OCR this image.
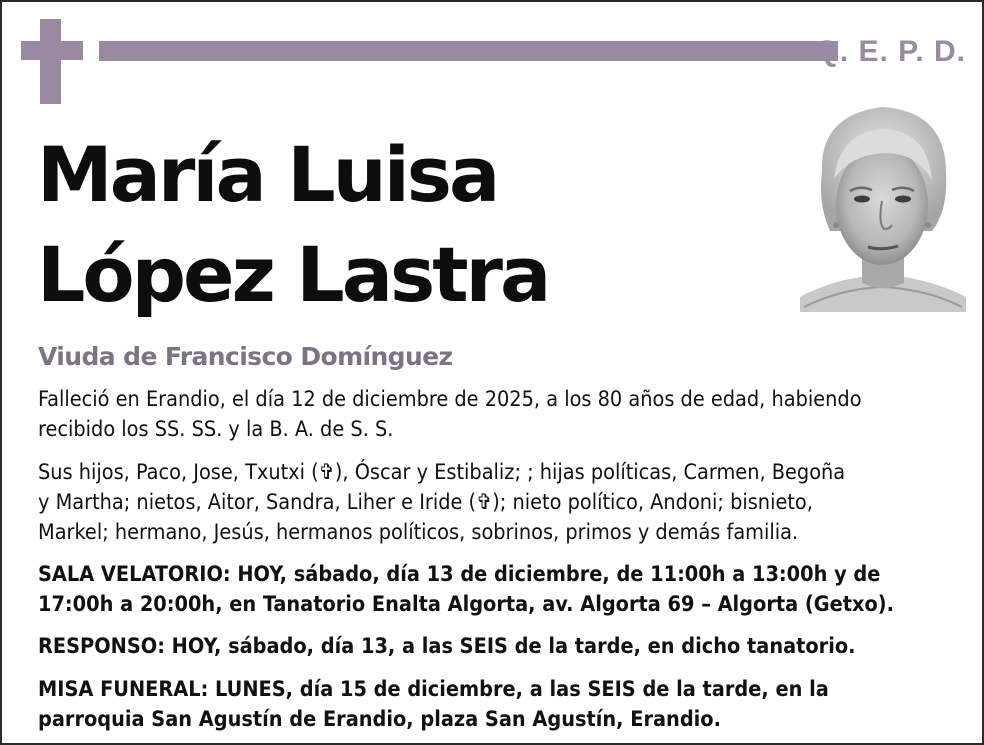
Q. E. P. D.
María Luisa
López Lastra
Viuda de Francisco Domínguez
Falleció en Erandio, el día 12 de diciembre de 2025, a los 80 años de edad, habiendo
recibido los SS. SS. y la B. A. de S. S.
Sus hijos, Paco, Jose, Txutxi (✞), Óscar y Estibaliz; ; hijas políticas, Carmen, Begoña
y Martha; nietos, Aitor, Sandra, Liher e Iride (✞); nieto político, Andoni; bisnieto,
Markel; hermano, Jesús, hermanos políticos, sobrinos, primos y demás familia.
SALA VELATORIO: HOY, sábado, día 13 de diciembre, de 11:00h a 13:00h y de
17:00h a 20:00h, en Tanatorio Enalta Algorta, av. Algorta 69 – Algorta (Getxo).
RESPONSO: HOY, sábado, día 13, a las SEIS de la tarde, en dicho tanatorio.
MISA FUNERAL: LUNES, día 15 de diciembre, a las SEIS de la tarde, en la
parroquia San Agustín de Erandio, plaza San Agustín, Erandio.
